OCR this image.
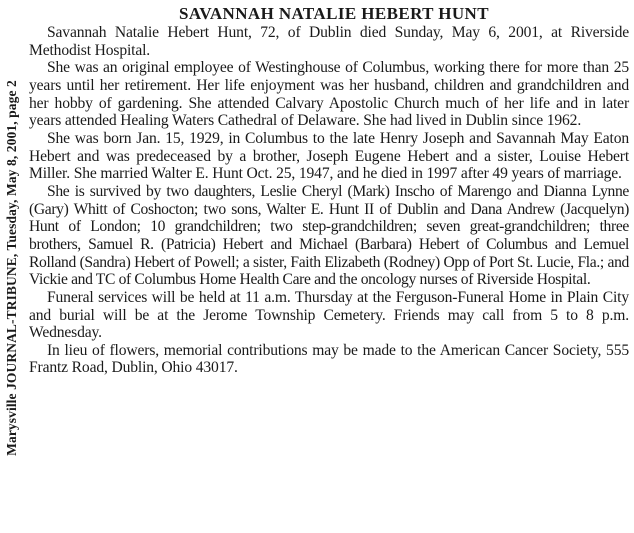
Marysville JOURNAL-TRIBUNE, Tuesday, May 8, 2001, page 2
SAVANNAH NATALIE HEBERT HUNT

Savannah Natalie Hebert Hunt, 72, of Dublin died Sunday, May 6, 2001, at Riverside Methodist Hospital.

She was an original employee of Westinghouse of Columbus, working there for more than 25 years until her retirement. Her life enjoyment was her husband, children and grandchildren and her hobby of gardening. She attended Calvary Apostolic Church much of her life and in later years attended Healing Waters Cathedral of Delaware. She had lived in Dublin since 1962.

She was born Jan. 15, 1929, in Columbus to the late Henry Joseph and Savannah May Eaton Hebert and was predeceased by a brother, Joseph Eugene Hebert and a sister, Louise Hebert Miller. She married Walter E. Hunt Oct. 25, 1947, and he died in 1997 after 49 years of marriage.

She is survived by two daughters, Leslie Cheryl (Mark) Inscho of Marengo and Dianna Lynne (Gary) Whitt of Coshocton; two sons, Walter E. Hunt II of Dublin and Dana Andrew (Jacquelyn) Hunt of London; 10 grandchildren; two step-grandchildren; seven great-grandchildren; three brothers, Samuel R. (Patricia) Hebert and Michael (Barbara) Hebert of Columbus and Lemuel Rolland (Sandra) Hebert of Powell; a sister, Faith Elizabeth (Rodney) Opp of Port St. Lucie, Fla.; and Vickie and TC of Columbus Home Health Care and the oncology nurses of Riverside Hospital.

Funeral services will be held at 11 a.m. Thursday at the Ferguson-Funeral Home in Plain City and burial will be at the Jerome Township Cemetery. Friends may call from 5 to 8 p.m. Wednesday.

In lieu of flowers, memorial contributions may be made to the American Cancer Society, 555 Frantz Road, Dublin, Ohio 43017.
